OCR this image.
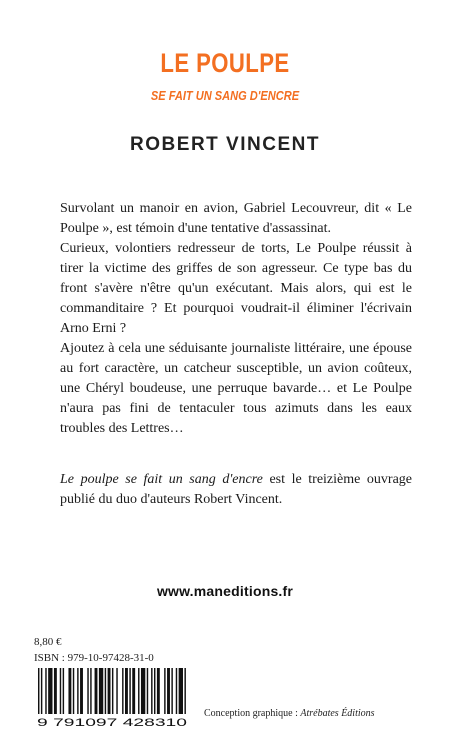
LE POULPE
SE FAIT UN SANG D'ENCRE
ROBERT VINCENT

Survolant un manoir en avion, Gabriel Lecouvreur, dit « Le Poulpe », est témoin d'une tentative d'assassinat.

Curieux, volontiers redresseur de torts, Le Poulpe réussit à tirer la victime des griffes de son agresseur. Ce type bas du front s'avère n'être qu'un exécutant. Mais alors, qui est le commanditaire ? Et pourquoi voudrait-il éliminer l'écrivain Arno Erni ?

Ajoutez à cela une séduisante journaliste littéraire, une épouse au fort caractère, un catcheur susceptible, un avion coûteux, une Chéryl boudeuse, une perruque bavarde… et Le Poulpe n'aura pas fini de tentaculer tous azimuts dans les eaux troubles des Lettres…

Le poulpe se fait un sang d'encre est le treizième ouvrage publié du duo d'auteurs Robert Vincent.

www.maneditions.fr
8,80 €
ISBN : 979-10-97428-31-0
9 791097 428310
Conception graphique : Atrébates Éditions
